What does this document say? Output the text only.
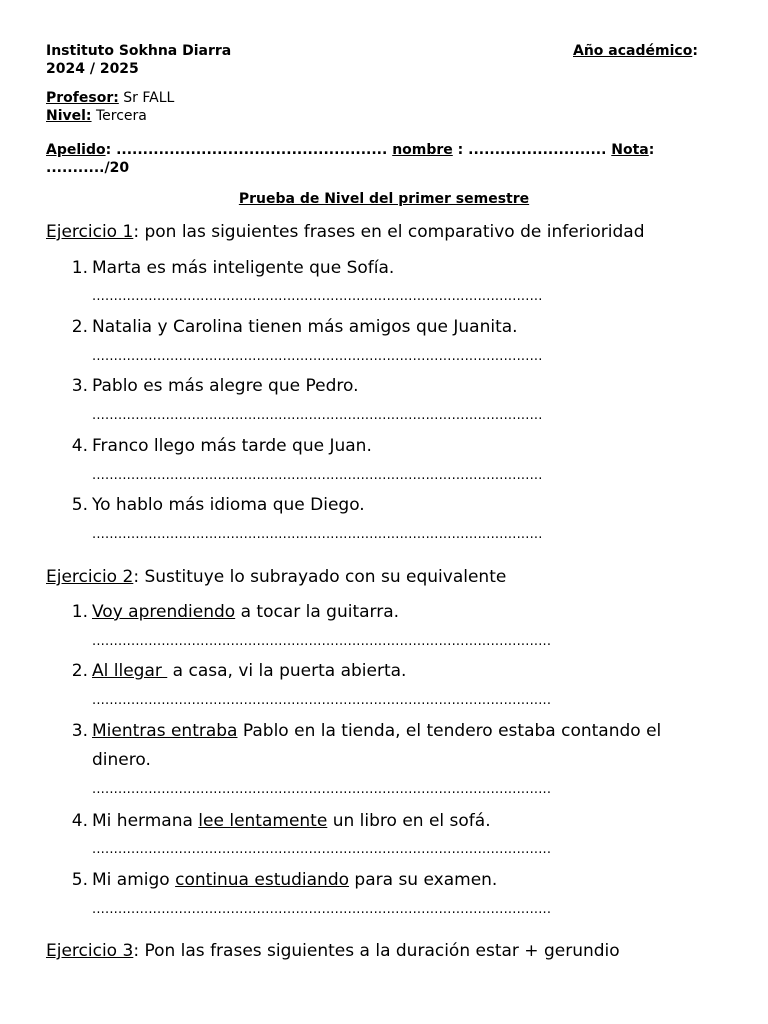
Instituto Sokhna Diarra	Año académico:
2024 / 2025
Profesor: Sr FALL
Nivel: Tercera
Apelido: ................................................... nombre : .......................... Nota:
.........../20
Prueba de Nivel del primer semestre
Ejercicio 1: pon las siguientes frases en el comparativo de inferioridad
1. Marta es más inteligente que Sofía.
........................................................................................................
2. Natalia y Carolina tienen más amigos que Juanita.
........................................................................................................
3. Pablo es más alegre que Pedro.
........................................................................................................
4. Franco llego más tarde que Juan.
........................................................................................................
5. Yo hablo más idioma que Diego.
........................................................................................................
Ejercicio 2: Sustituye lo subrayado con su equivalente
1. Voy aprendiendo a tocar la guitarra.
..........................................................................................................
2. Al llegar  a casa, vi la puerta abierta.
..........................................................................................................
3. Mientras entraba Pablo en la tienda, el tendero estaba contando el
dinero.
..........................................................................................................
4. Mi hermana lee lentamente un libro en el sofá.
..........................................................................................................
5. Mi amigo continua estudiando para su examen.
..........................................................................................................
Ejercicio 3: Pon las frases siguientes a la duración estar + gerundio
